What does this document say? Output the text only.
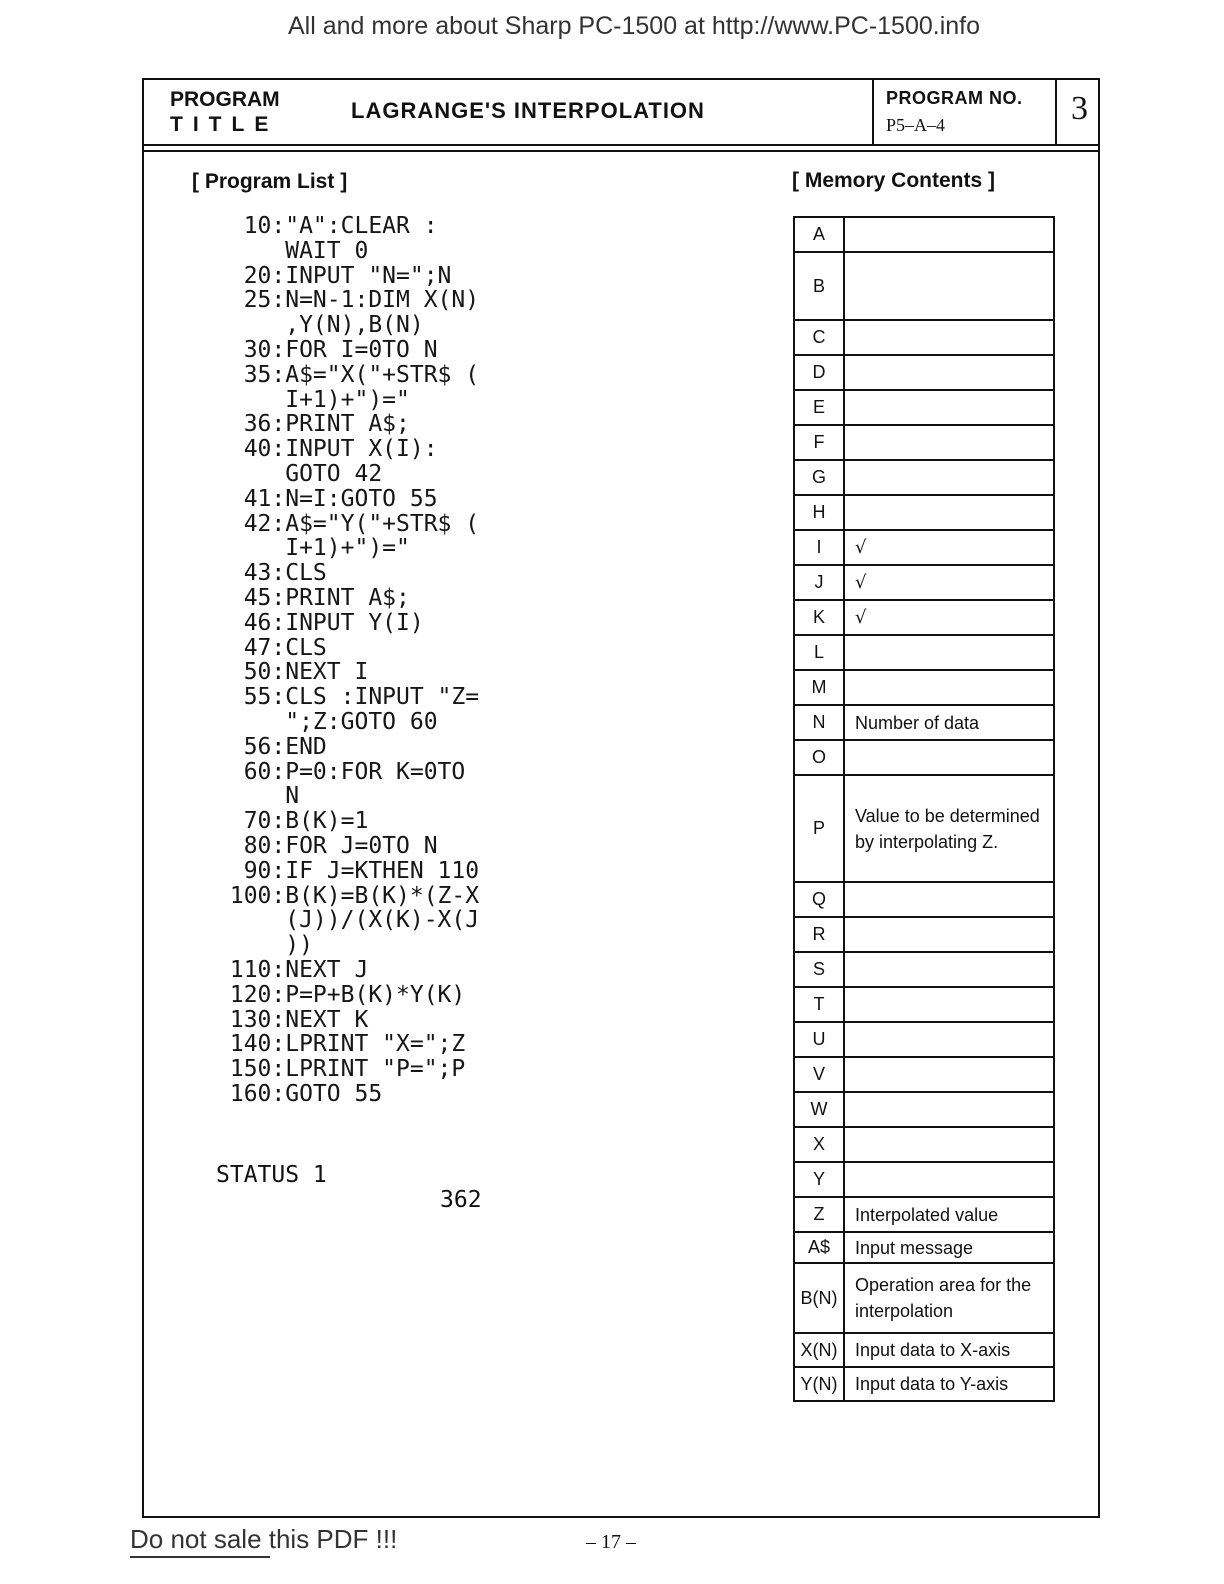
All and more about Sharp PC-1500 at http://www.PC-1500.info
PROGRAM
TITLE
LAGRANGE'S INTERPOLATION	PROGRAM NO.
P5–A–4	3
[ Program List ]	[ Memory Contents ]
10:"A":CLEAR :
WAIT 0
20:INPUT "N=";N
25:N=N-1:DIM X(N)
,Y(N),B(N)
30:FOR I=0TO N
35:A$="X("+STR$ (
I+1)+")="
36:PRINT A$;
40:INPUT X(I):
GOTO 42
41:N=I:GOTO 55
42:A$="Y("+STR$ (
I+1)+")="
43:CLS
45:PRINT A$;
46:INPUT Y(I)
47:CLS
50:NEXT I
55:CLS :INPUT "Z=
";Z:GOTO 60
56:END
60:P=0:FOR K=0TO
N
70:B(K)=1
80:FOR J=0TO N
90:IF J=KTHEN 110
100:B(K)=B(K)*(Z-X
(J))/(X(K)-X(J
))
110:NEXT J
120:P=P+B(K)*Y(K)
130:NEXT K
140:LPRINT "X=";Z
150:LPRINT "P=";P
160:GOTO 55
STATUS 1
362
A	
B	
C	
D	
E	
F	
G	
H	
I	√
J	√
K	√
L	
M	
N	Number of data
O	
P	Value to be determined by interpolating Z.
Q	
R	
S	
T	
U	
V	
W	
X	
Y	
Z	Interpolated value
A$	Input message
B(N)	Operation area for the interpolation
X(N)	Input data to X-axis
Y(N)	Input data to Y-axis
Do not sale this PDF !!!	– 17 –
